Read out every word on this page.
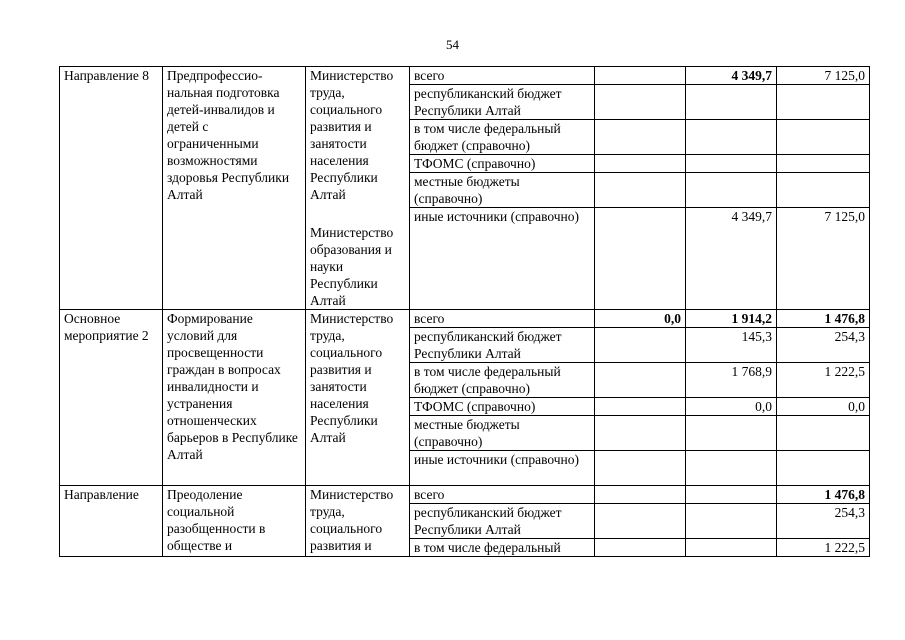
54
Направление 8	Предпрофессио-нальная подготовка детей-инвалидов и детей с ограниченными возможностями здоровья Республики Алтай	Министерство труда, социального развития и занятости населения Республики Алтай	всего		4 349,7	7 125,0
			республиканский бюджет Республики Алтай			
			в том числе федеральный бюджет (справочно)			
			ТФОМС (справочно)			
			местные бюджеты (справочно)			
			иные источники (справочно)		4 349,7	7 125,0
		Министерство образования и науки Республики Алтай				

Основное мероприятие 2	Формирование условий для просвещенности граждан в вопросах инвалидности и устранения отношенческих барьеров в Республике Алтай	Министерство труда, социального развития и занятости населения Республики Алтай	всего	0,0	1 914,2	1 476,8
			республиканский бюджет Республики Алтай		145,3	254,3
			в том числе федеральный бюджет (справочно)		1 768,9	1 222,5
			ТФОМС (справочно)		0,0	0,0
			местные бюджеты (справочно)			
			иные источники (справочно)			
Направление	Преодоление социальной разобщенности в обществе и	Министерство труда, социального развития и	всего			1 476,8
			республиканский бюджет Республики Алтай			254,3
			в том числе федеральный			1 222,5
